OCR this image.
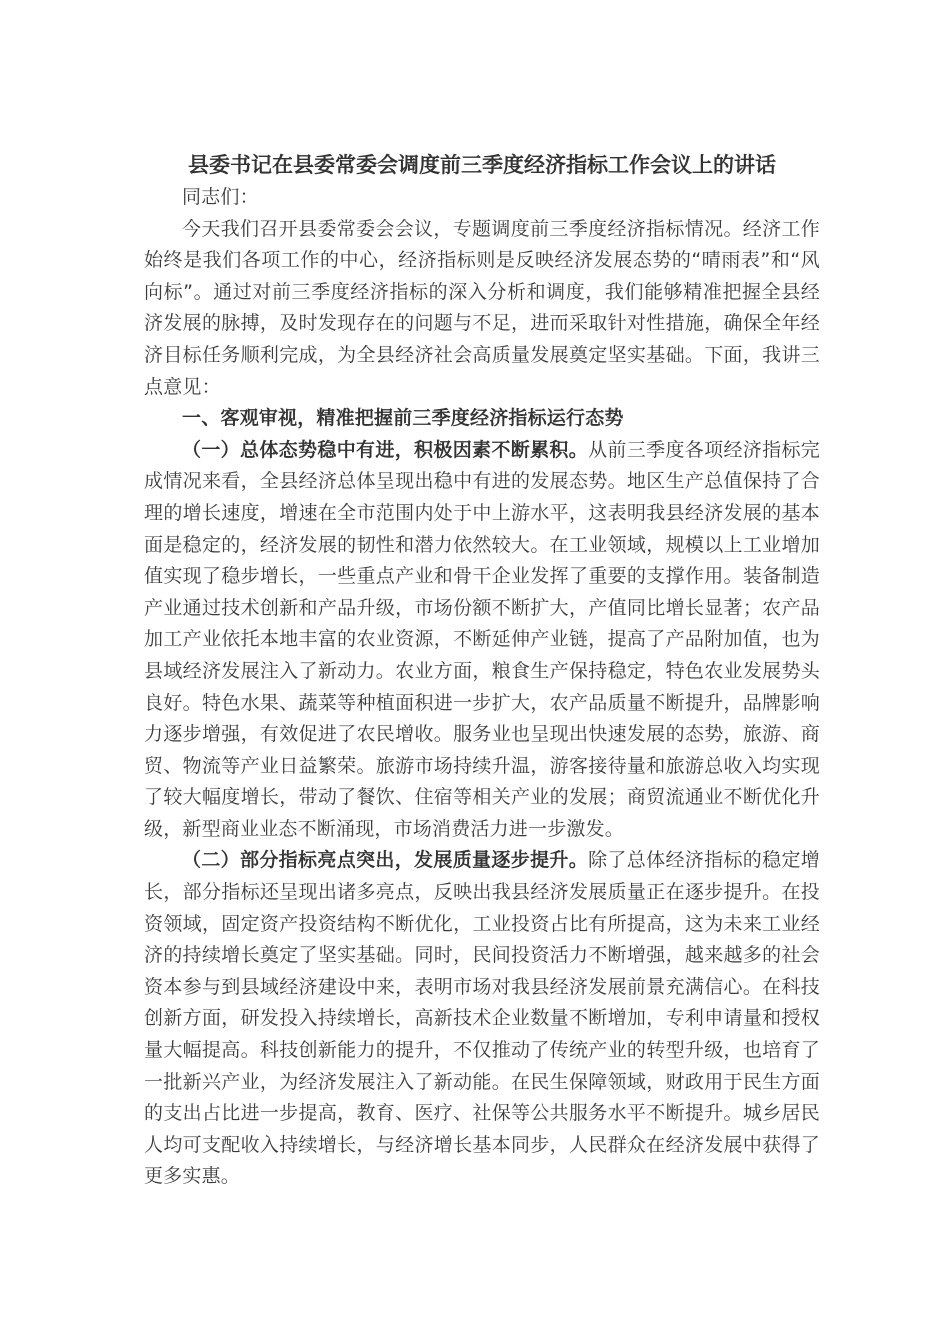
县委书记在县委常委会调度前三季度经济指标工作会议上的讲话

同志们：

今天我们召开县委常委会会议，专题调度前三季度经济指标情况。经济工作始终是我们各项工作的中心，经济指标则是反映经济发展态势的“晴雨表”和“风向标”。通过对前三季度经济指标的深入分析和调度，我们能够精准把握全县经济发展的脉搏，及时发现存在的问题与不足，进而采取针对性措施，确保全年经济目标任务顺利完成，为全县经济社会高质量发展奠定坚实基础。下面，我讲三点意见：

一、客观审视，精准把握前三季度经济指标运行态势

（一）总体态势稳中有进，积极因素不断累积。从前三季度各项经济指标完成情况来看，全县经济总体呈现出稳中有进的发展态势。地区生产总值保持了合理的增长速度，增速在全市范围内处于中上游水平，这表明我县经济发展的基本面是稳定的，经济发展的韧性和潜力依然较大。在工业领域，规模以上工业增加值实现了稳步增长，一些重点产业和骨干企业发挥了重要的支撑作用。装备制造产业通过技术创新和产品升级，市场份额不断扩大，产值同比增长显著；农产品加工产业依托本地丰富的农业资源，不断延伸产业链，提高了产品附加值，也为县域经济发展注入了新动力。农业方面，粮食生产保持稳定，特色农业发展势头良好。特色水果、蔬菜等种植面积进一步扩大，农产品质量不断提升，品牌影响力逐步增强，有效促进了农民增收。服务业也呈现出快速发展的态势，旅游、商贸、物流等产业日益繁荣。旅游市场持续升温，游客接待量和旅游总收入均实现了较大幅度增长，带动了餐饮、住宿等相关产业的发展；商贸流通业不断优化升级，新型商业业态不断涌现，市场消费活力进一步激发。

（二）部分指标亮点突出，发展质量逐步提升。除了总体经济指标的稳定增长，部分指标还呈现出诸多亮点，反映出我县经济发展质量正在逐步提升。在投资领域，固定资产投资结构不断优化，工业投资占比有所提高，这为未来工业经济的持续增长奠定了坚实基础。同时，民间投资活力不断增强，越来越多的社会资本参与到县域经济建设中来，表明市场对我县经济发展前景充满信心。在科技创新方面，研发投入持续增长，高新技术企业数量不断增加，专利申请量和授权量大幅提高。科技创新能力的提升，不仅推动了传统产业的转型升级，也培育了一批新兴产业，为经济发展注入了新动能。在民生保障领域，财政用于民生方面的支出占比进一步提高，教育、医疗、社保等公共服务水平不断提升。城乡居民人均可支配收入持续增长，与经济增长基本同步，人民群众在经济发展中获得了更多实惠。
